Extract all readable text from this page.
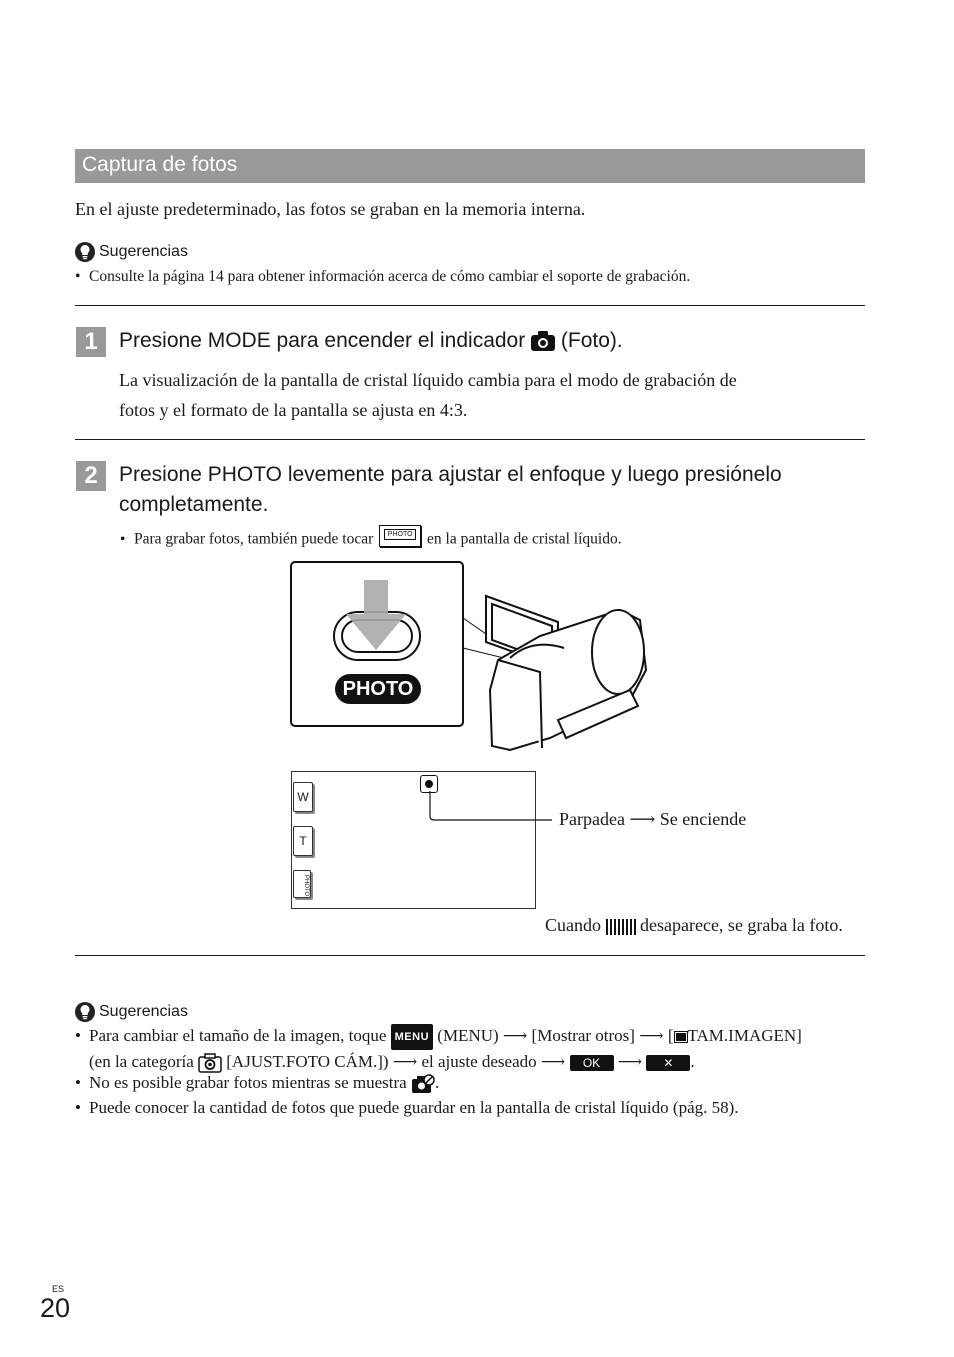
Captura de fotos
En el ajuste predeterminado, las fotos se graban en la memoria interna.
Sugerencias
• Consulte la página 14 para obtener información acerca de cómo cambiar el soporte de grabación.
1	Presione MODE para encender el indicador (Foto).
La visualización de la pantalla de cristal líquido cambia para el modo de grabación de
fotos y el formato de la pantalla se ajusta en 4:3.
2	Presione PHOTO levemente para ajustar el enfoque y luego presiónelo
completamente.
• Para grabar fotos, también puede tocar	PHOTO en la pantalla de cristal líquido.
PHOTO
W
T
PHOTO
Parpadea ⟶ Se enciende
Cuando desaparece, se graba la foto.
Sugerencias
• Para cambiar el tamaño de la imagen, toque MENU (MENU) ⟶ [Mostrar otros] ⟶ [ TAM.IMAGEN]
(en la categoría [AJUST.FOTO CÁM.]) ⟶ el ajuste deseado ⟶ OK ⟶ ✕ .
• No es posible grabar fotos mientras se muestra .
• Puede conocer la cantidad de fotos que puede guardar en la pantalla de cristal líquido (pág. 58).
ES
20
